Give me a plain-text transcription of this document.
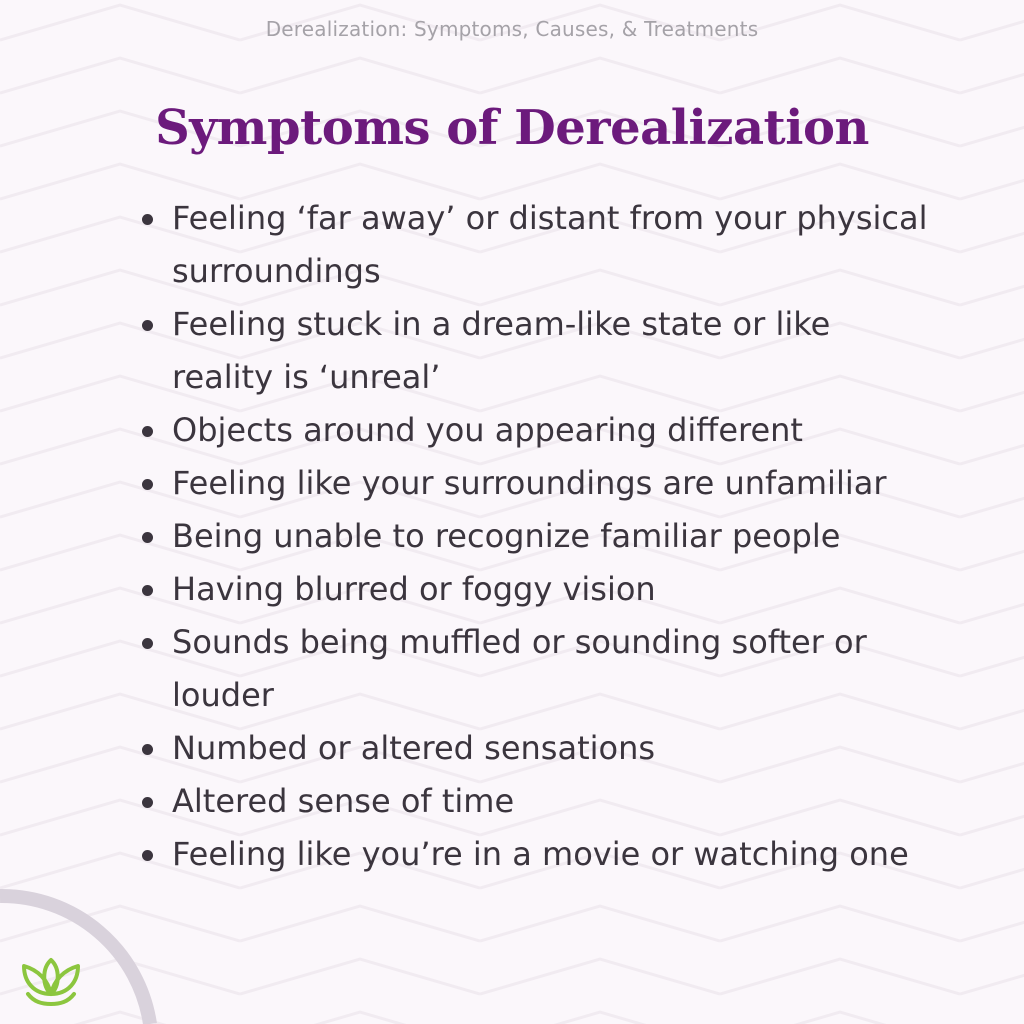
Derealization: Symptoms, Causes, & Treatments
Symptoms of Derealization
Feeling ‘far away’ or distant from your physical surroundings
Feeling stuck in a dream-like state or like reality is ‘unreal’
Objects around you appearing different
Feeling like your surroundings are unfamiliar
Being unable to recognize familiar people
Having blurred or foggy vision
Sounds being muffled or sounding softer or louder
Numbed or altered sensations
Altered sense of time
Feeling like you’re in a movie or watching one
